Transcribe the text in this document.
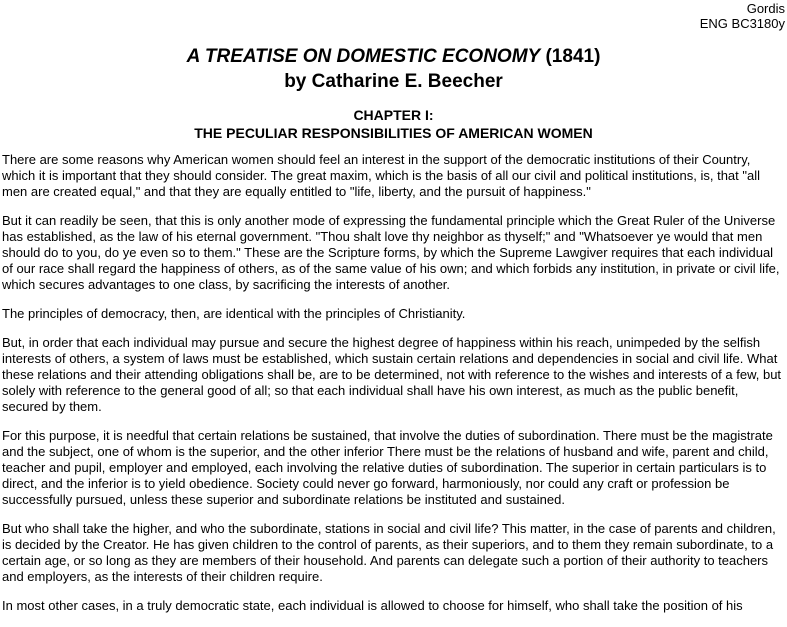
Gordis
ENG BC3180y
A TREATISE ON DOMESTIC ECONOMY (1841)
by Catharine E. Beecher
CHAPTER I:
THE PECULIAR RESPONSIBILITIES OF AMERICAN WOMEN

There are some reasons why American women should feel an interest in the support of the democratic institutions of their Country, which it is important that they should consider. The great maxim, which is the basis of all our civil and political institutions, is, that "all men are created equal," and that they are equally entitled to "life, liberty, and the pursuit of happiness."

But it can readily be seen, that this is only another mode of expressing the fundamental principle which the Great Ruler of the Universe has established, as the law of his eternal government. "Thou shalt love thy neighbor as thyself;" and "Whatsoever ye would that men should do to you, do ye even so to them." These are the Scripture forms, by which the Supreme Lawgiver requires that each individual of our race shall regard the happiness of others, as of the same value of his own; and which forbids any institution, in private or civil life, which secures advantages to one class, by sacrificing the interests of another.

The principles of democracy, then, are identical with the principles of Christianity.

But, in order that each individual may pursue and secure the highest degree of happiness within his reach, unimpeded by the selfish interests of others, a system of laws must be established, which sustain certain relations and dependencies in social and civil life. What these relations and their attending obligations shall be, are to be determined, not with reference to the wishes and interests of a few, but solely with reference to the general good of all; so that each individual shall have his own interest, as much as the public benefit, secured by them.

For this purpose, it is needful that certain relations be sustained, that involve the duties of subordination. There must be the magistrate and the subject, one of whom is the superior, and the other inferior There must be the relations of husband and wife, parent and child, teacher and pupil, employer and employed, each involving the relative duties of subordination. The superior in certain particulars is to direct, and the inferior is to yield obedience. Society could never go forward, harmoniously, nor could any craft or profession be successfully pursued, unless these superior and subordinate relations be instituted and sustained.

But who shall take the higher, and who the subordinate, stations in social and civil life? This matter, in the case of parents and children, is decided by the Creator. He has given children to the control of parents, as their superiors, and to them they remain subordinate, to a certain age, or so long as they are members of their household. And parents can delegate such a portion of their authority to teachers and employers, as the interests of their children require.

In most other cases, in a truly democratic state, each individual is allowed to choose for himself, who shall take the position of his
